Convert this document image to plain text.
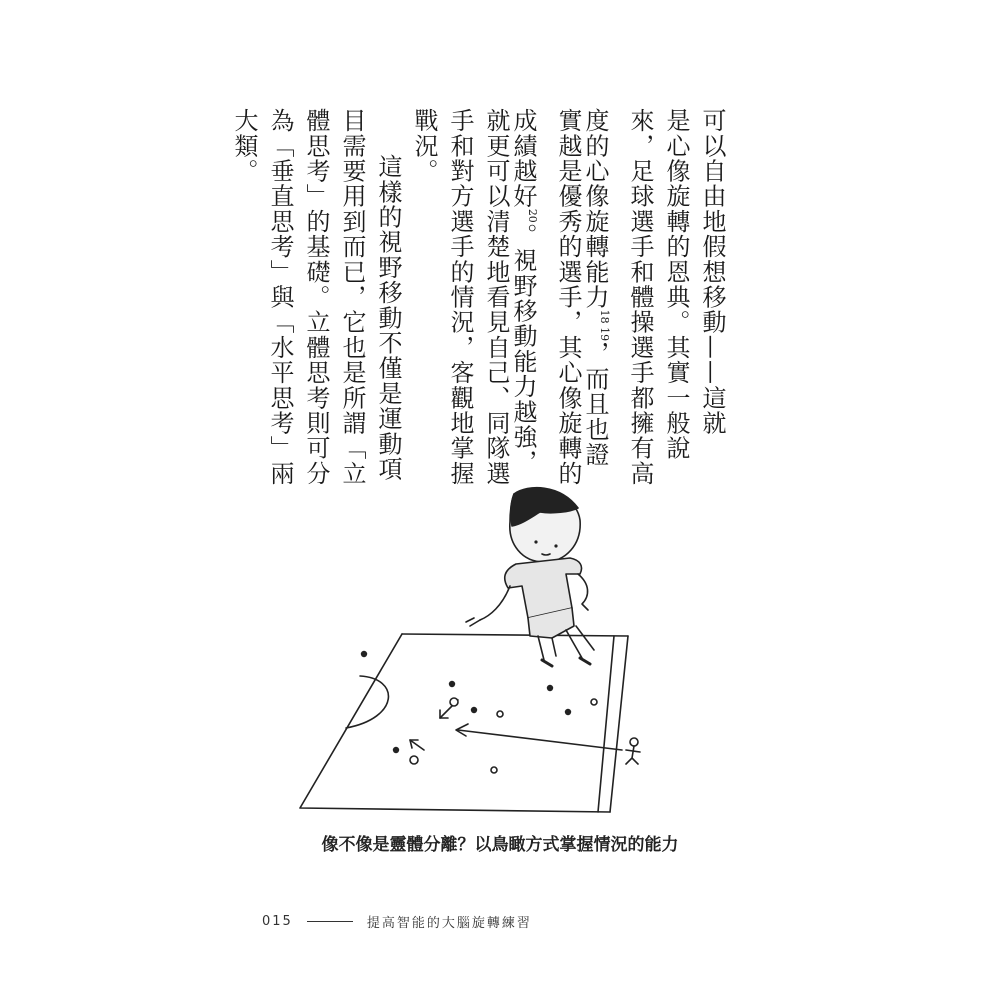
可以自由地假想移動——這就
是心像旋轉的恩典。其實一般說
來，足球選手和體操選手都擁有高
度的心像旋轉能力$^{18 19}$，而且也證
實越是優秀的選手，其心像旋轉的
成績越好$^{20}$。視野移動能力越強，
就更可以清楚地看見自己、同隊選
手和對方選手的情況，客觀地掌握
戰況。
這樣的視野移動不僅是運動項
目需要用到而已，它也是所謂「立
體思考」的基礎。立體思考則可分
為「垂直思考」與「水平思考」兩
大類。
像不像是靈體分離？以鳥瞰方式掌握情況的能力
015	提高智能的大腦旋轉練習
